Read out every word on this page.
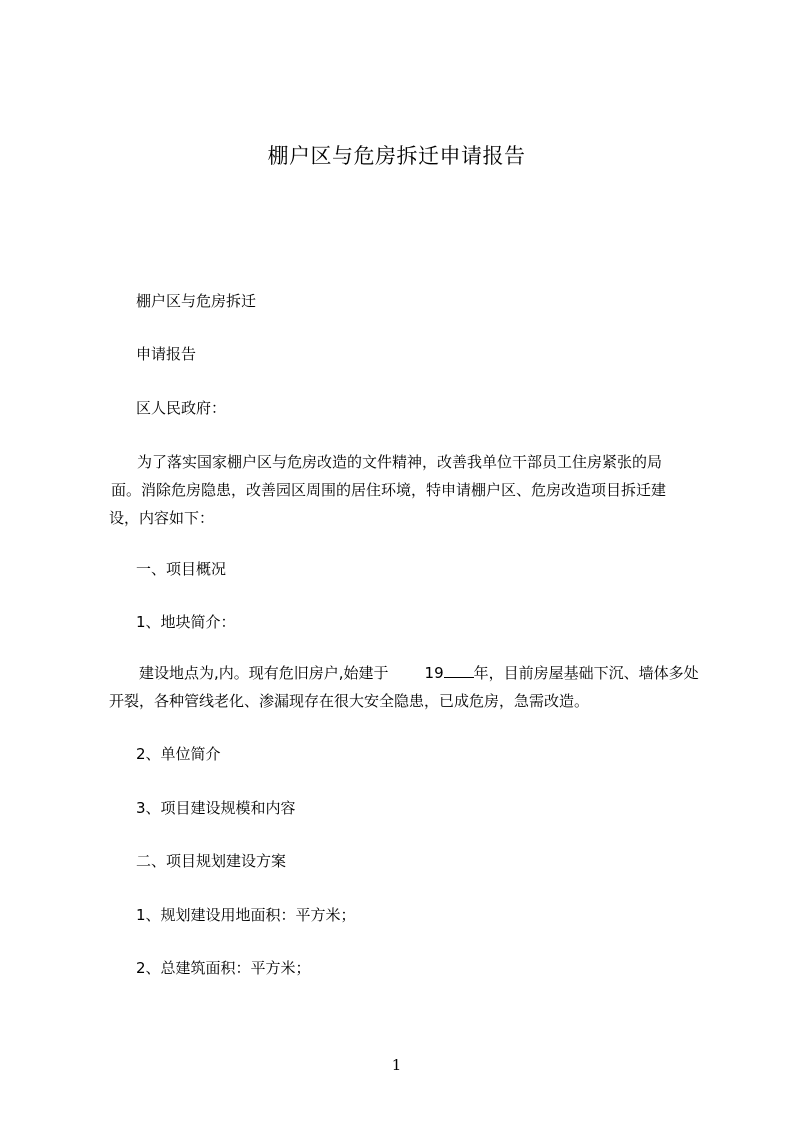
棚户区与危房拆迁申请报告
棚户区与危房拆迁
申请报告
区人民政府：
为了落实国家棚户区与危房改造的文件精神，改善我单位干部员工住房紧张的局
面。消除危房隐患，改善园区周围的居住环境，特申请棚户区、危房改造项目拆迁建
设，内容如下：
一、项目概况
1、地块简介：
建设地点为,内。现有危旧房户,始建于 19 年，目前房屋基础下沉、墙体多处
开裂，各种管线老化、渗漏现存在很大安全隐患，已成危房，急需改造。
2、单位简介
3、项目建设规模和内容
二、项目规划建设方案
1、规划建设用地面积：平方米；
2、总建筑面积：平方米；
1
